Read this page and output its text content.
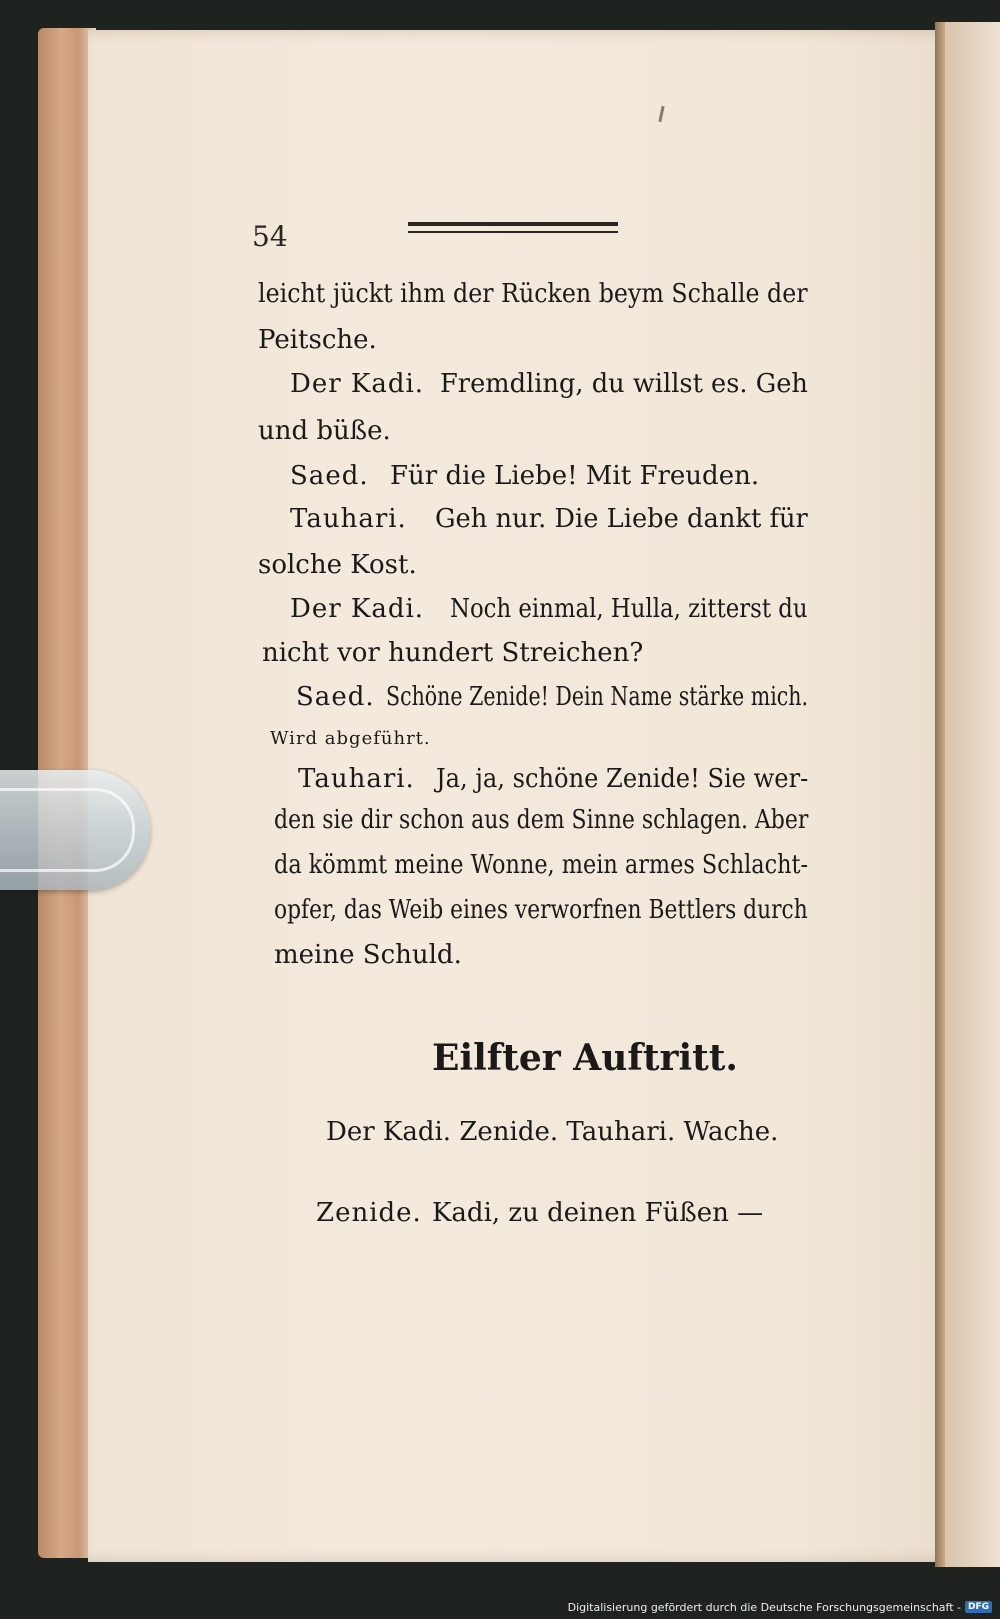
54
leicht jückt ihm der Rücken beym Schalle der
Peitsche.
Der Kadi. Fremdling, du willst es. Geh
und büße.
Saed. Für die Liebe! Mit Freuden.
Tauhari. Geh nur. Die Liebe dankt für
solche Kost.
Der Kadi. Noch einmal, Hulla, zitterst du
nicht vor hundert Streichen?
Saed. Schöne Zenide! Dein Name stärke mich.
Wird abgeführt.
Tauhari. Ja, ja, schöne Zenide! Sie wer-
den sie dir schon aus dem Sinne schlagen. Aber
da kömmt meine Wonne, mein armes Schlacht-
opfer, das Weib eines verworfnen Bettlers durch
meine Schuld.
Eilfter Auftritt.
Der Kadi. Zenide. Tauhari. Wache.
Zenide. Kadi, zu deinen Füßen —
Digitalisierung gefördert durch die Deutsche Forschungsgemeinschaft - DFG
